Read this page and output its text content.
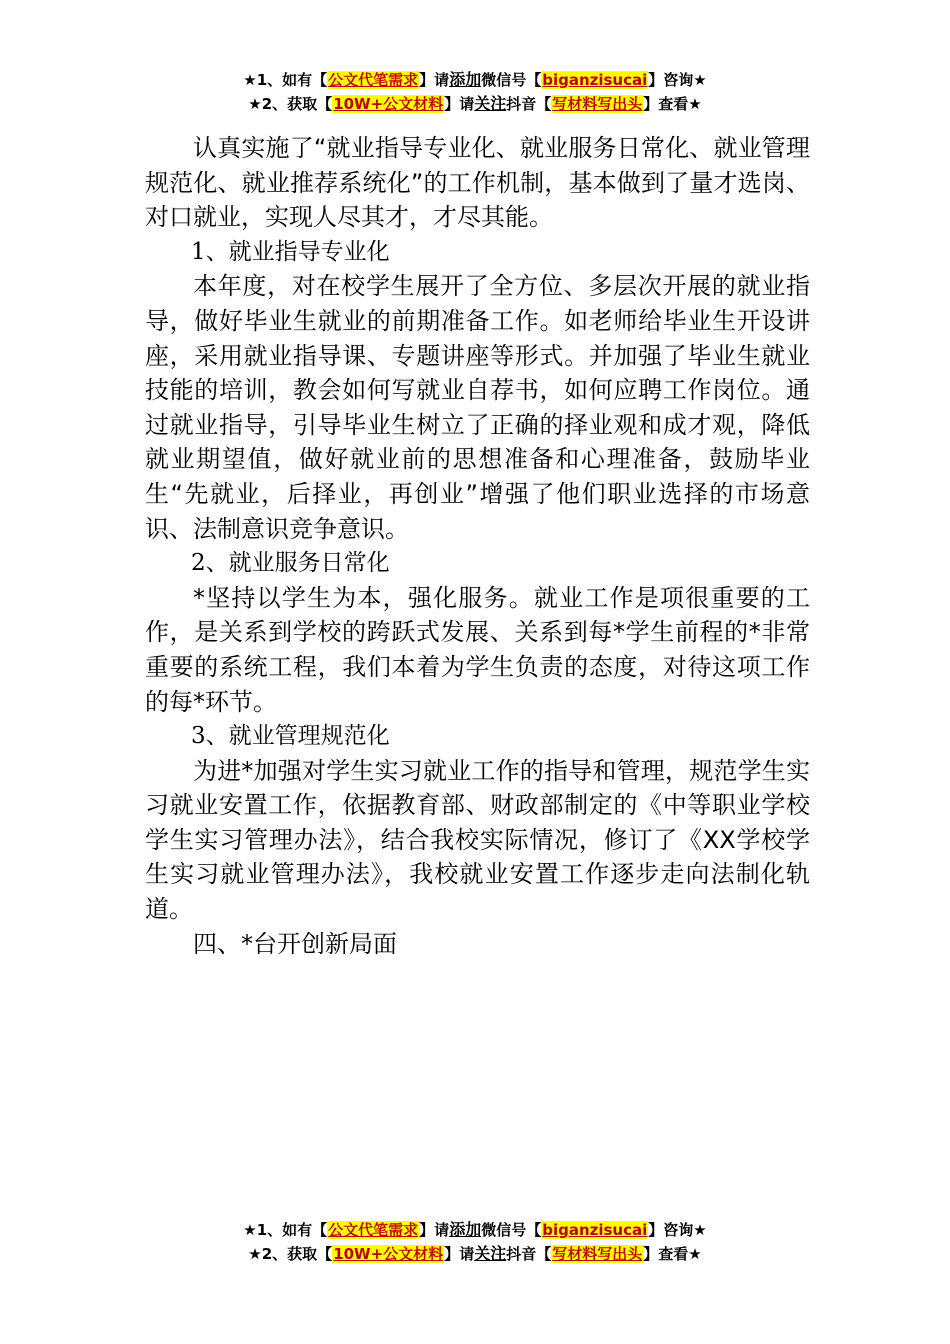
★1、如有【公文代笔需求】请添加微信号【biganzisucai】咨询★
★2、获取【10W+公文材料】请关注抖音【写材料写出头】查看★

认真实施了“就业指导专业化、就业服务日常化、就业管理规范化、就业推荐系统化”的工作机制，基本做到了量才选岗、对口就业，实现人尽其才，才尽其能。

1、就业指导专业化

本年度，对在校学生展开了全方位、多层次开展的就业指导，做好毕业生就业的前期准备工作。如老师给毕业生开设讲座，采用就业指导课、专题讲座等形式。并加强了毕业生就业技能的培训，教会如何写就业自荐书，如何应聘工作岗位。通过就业指导，引导毕业生树立了正确的择业观和成才观，降低就业期望值，做好就业前的思想准备和心理准备，鼓励毕业生“先就业，后择业，再创业”增强了他们职业选择的市场意识、法制意识竞争意识。

2、就业服务日常化

*坚持以学生为本，强化服务。就业工作是项很重要的工作，是关系到学校的跨跃式发展、关系到每*学生前程的*非常重要的系统工程，我们本着为学生负责的态度，对待这项工作的每*环节。

3、就业管理规范化

为进*加强对学生实习就业工作的指导和管理，规范学生实习就业安置工作，依据教育部、财政部制定的《中等职业学校学生实习管理办法》，结合我校实际情况，修订了《XX学校学生实习就业管理办法》，我校就业安置工作逐步走向法制化轨道。

四、*台开创新局面

★1、如有【公文代笔需求】请添加微信号【biganzisucai】咨询★
★2、获取【10W+公文材料】请关注抖音【写材料写出头】查看★
